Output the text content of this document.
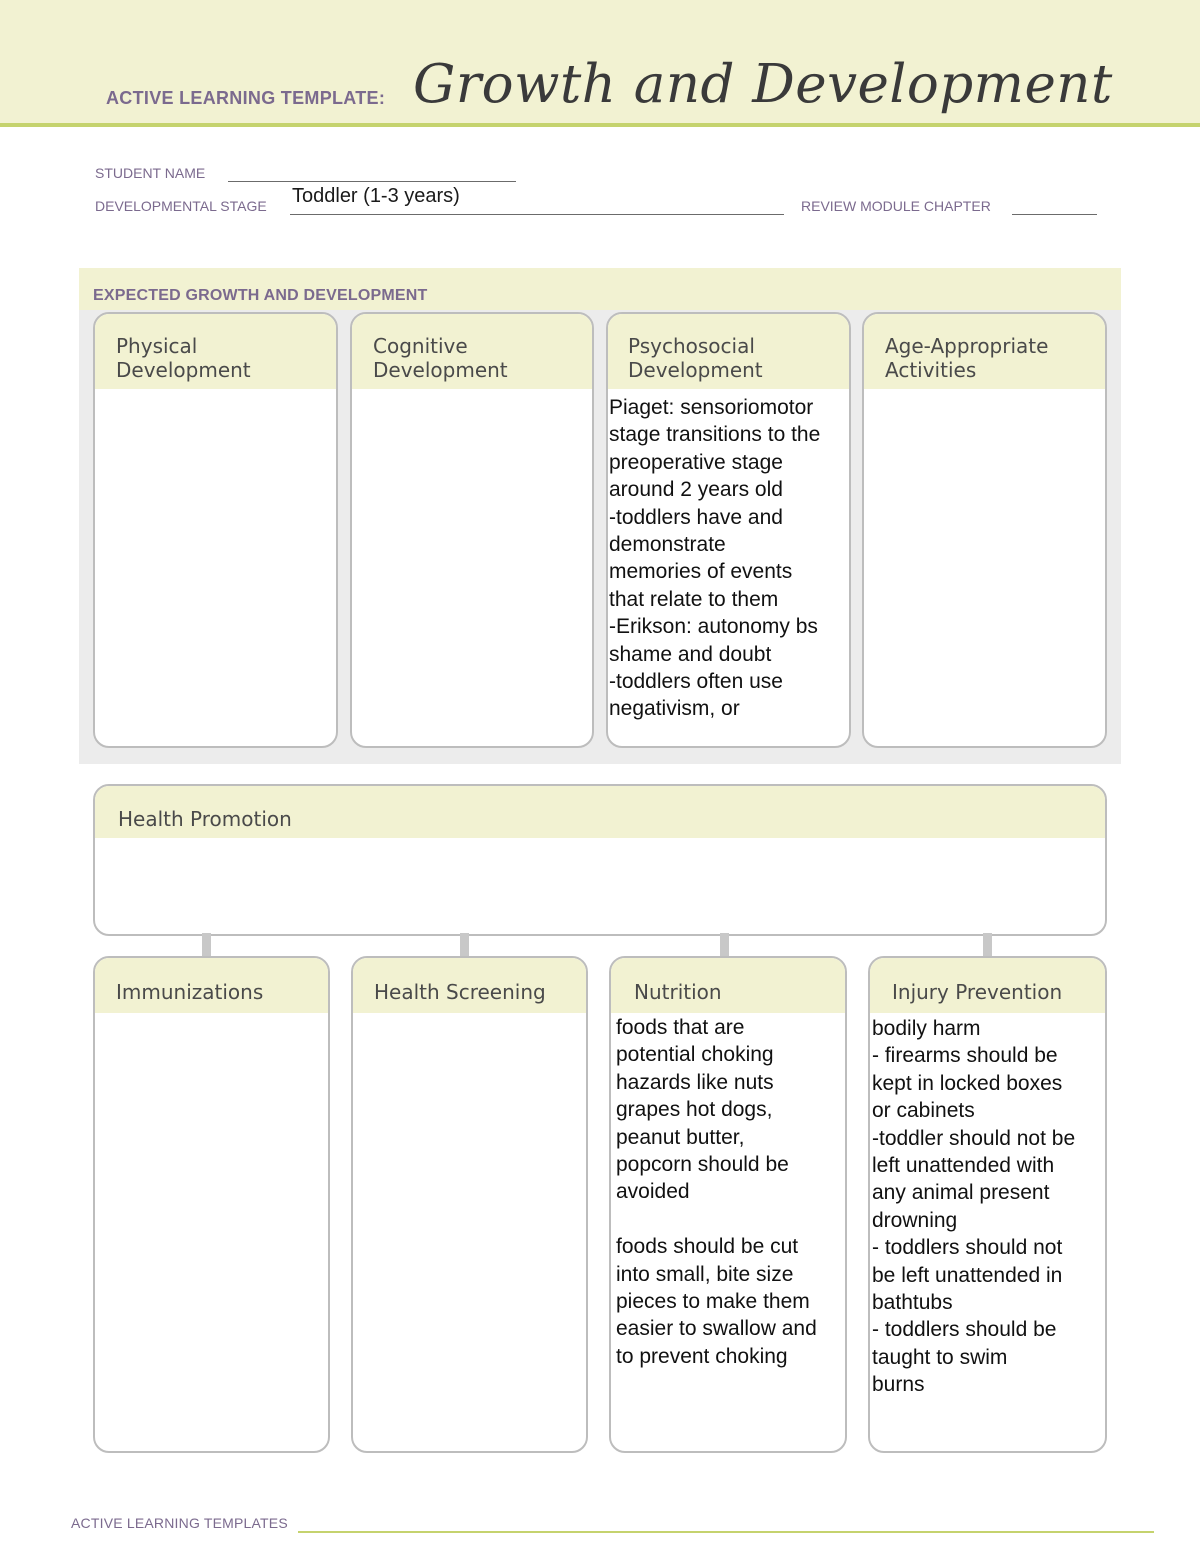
ACTIVE LEARNING TEMPLATE: Growth and Development
STUDENT NAME
DEVELOPMENTAL STAGE Toddler (1-3 years)	REVIEW MODULE CHAPTER
EXPECTED GROWTH AND DEVELOPMENT
Physical
Development
Cognitive
Development
Psychosocial
Development
Piaget: sensoriomotor
stage transitions to the
preoperative stage
around 2 years old
-toddlers have and
demonstrate
memories of events
that relate to them
-Erikson: autonomy bs
shame and doubt
-toddlers often use
negativism, or
Age-Appropriate
Activities
Health Promotion
Immunizations	Health Screening	Nutrition
foods that are
potential choking
hazards like nuts
grapes hot dogs,
peanut butter,
popcorn should be
avoided

foods should be cut
into small, bite size
pieces to make them
easier to swallow and
to prevent choking
Injury Prevention
bodily harm
- firearms should be
kept in locked boxes
or cabinets
-toddler should not be
left unattended with
any animal present
drowning
- toddlers should not
be left unattended in
bathtubs
- toddlers should be
taught to swim
burns
ACTIVE LEARNING TEMPLATES
